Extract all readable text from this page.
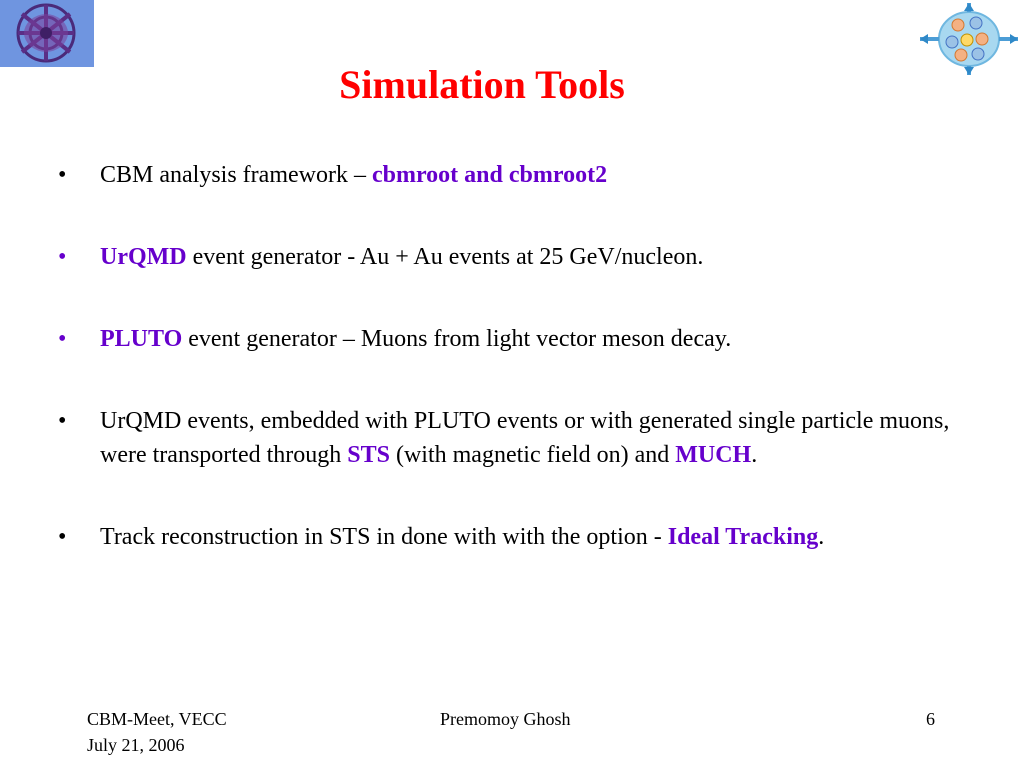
Simulation Tools
• CBM analysis framework – cbmroot and cbmroot2
• UrQMD event generator - Au + Au events at 25 GeV/nucleon.
• PLUTO event generator – Muons from light vector meson decay.
• UrQMD events, embedded with PLUTO events or with generated single particle muons, were transported through STS (with magnetic field on) and MUCH.
• Track reconstruction in STS in done with with the option - Ideal Tracking.
CBM-Meet, VECC
July 21, 2006
Premomoy Ghosh	6
